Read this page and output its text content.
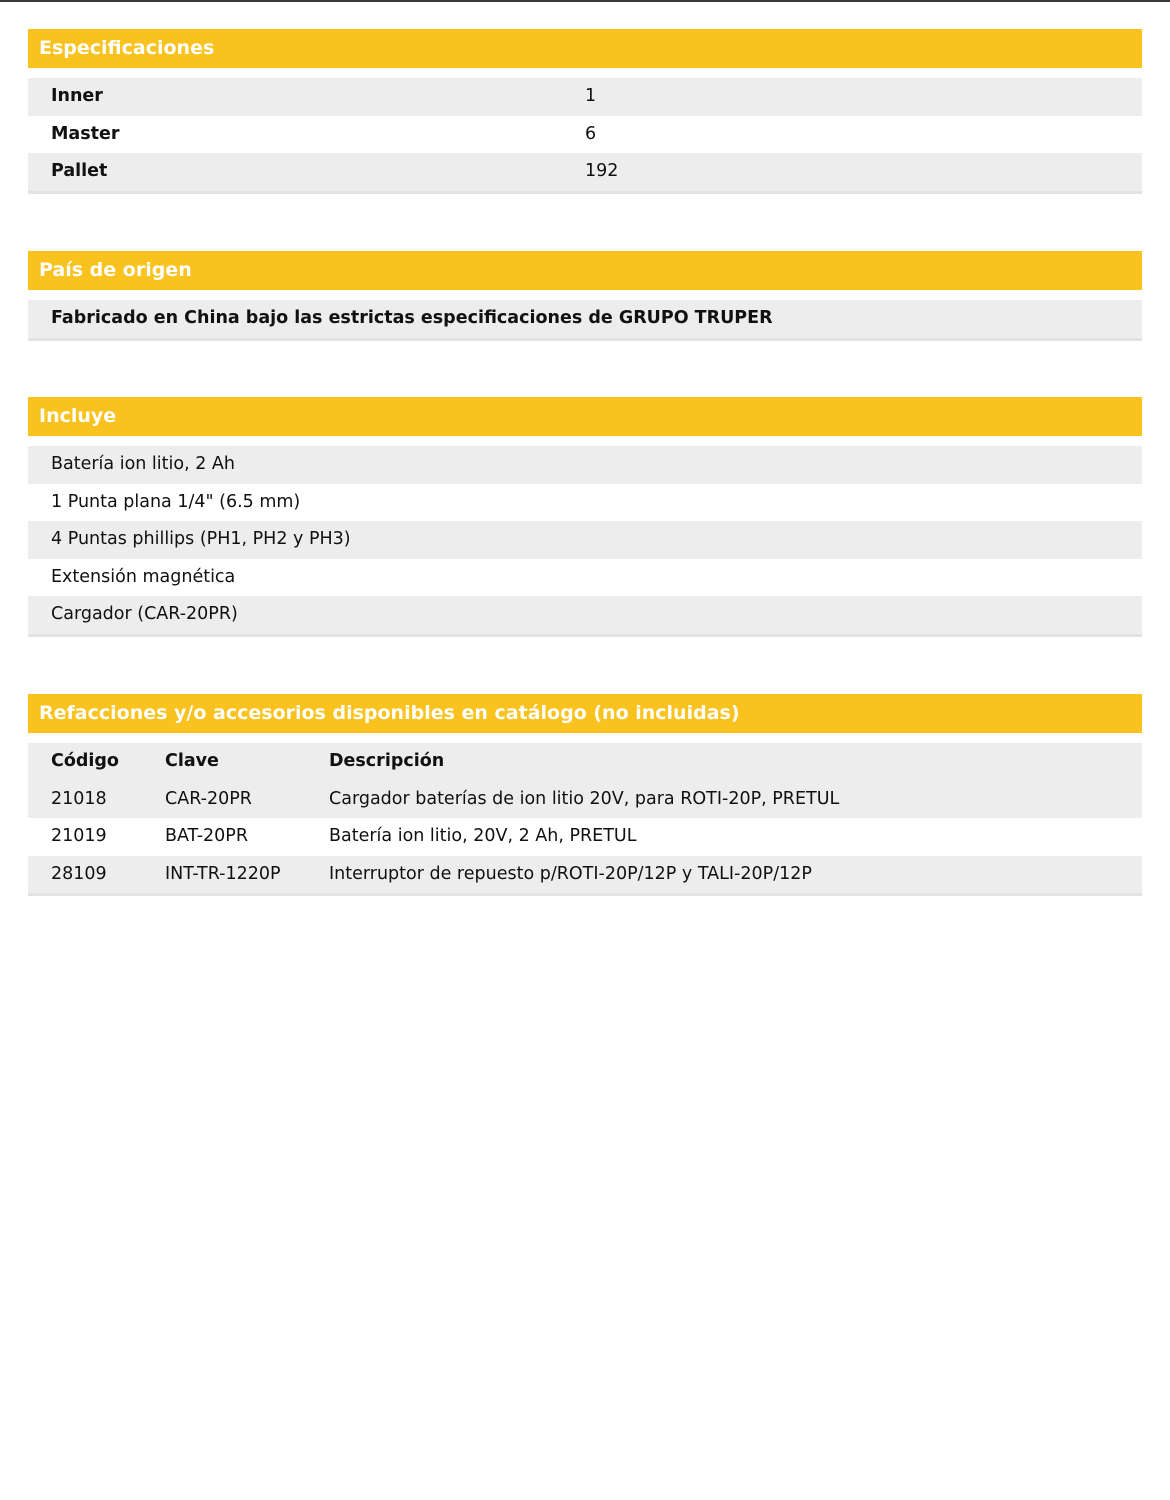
Especificaciones
Inner	1
Master	6
Pallet	192
País de origen
Fabricado en China bajo las estrictas especificaciones de GRUPO TRUPER
Incluye
Batería ion litio, 2 Ah
1 Punta plana 1/4" (6.5 mm)
4 Puntas phillips (PH1, PH2 y PH3)
Extensión magnética
Cargador (CAR-20PR)
Refacciones y/o accesorios disponibles en catálogo (no incluidas)
Código	Clave	Descripción
21018	CAR-20PR	Cargador baterías de ion litio 20V, para ROTI-20P, PRETUL
21019	BAT-20PR	Batería ion litio, 20V, 2 Ah, PRETUL
28109	INT-TR-1220P	Interruptor de repuesto p/ROTI-20P/12P y TALI-20P/12P
